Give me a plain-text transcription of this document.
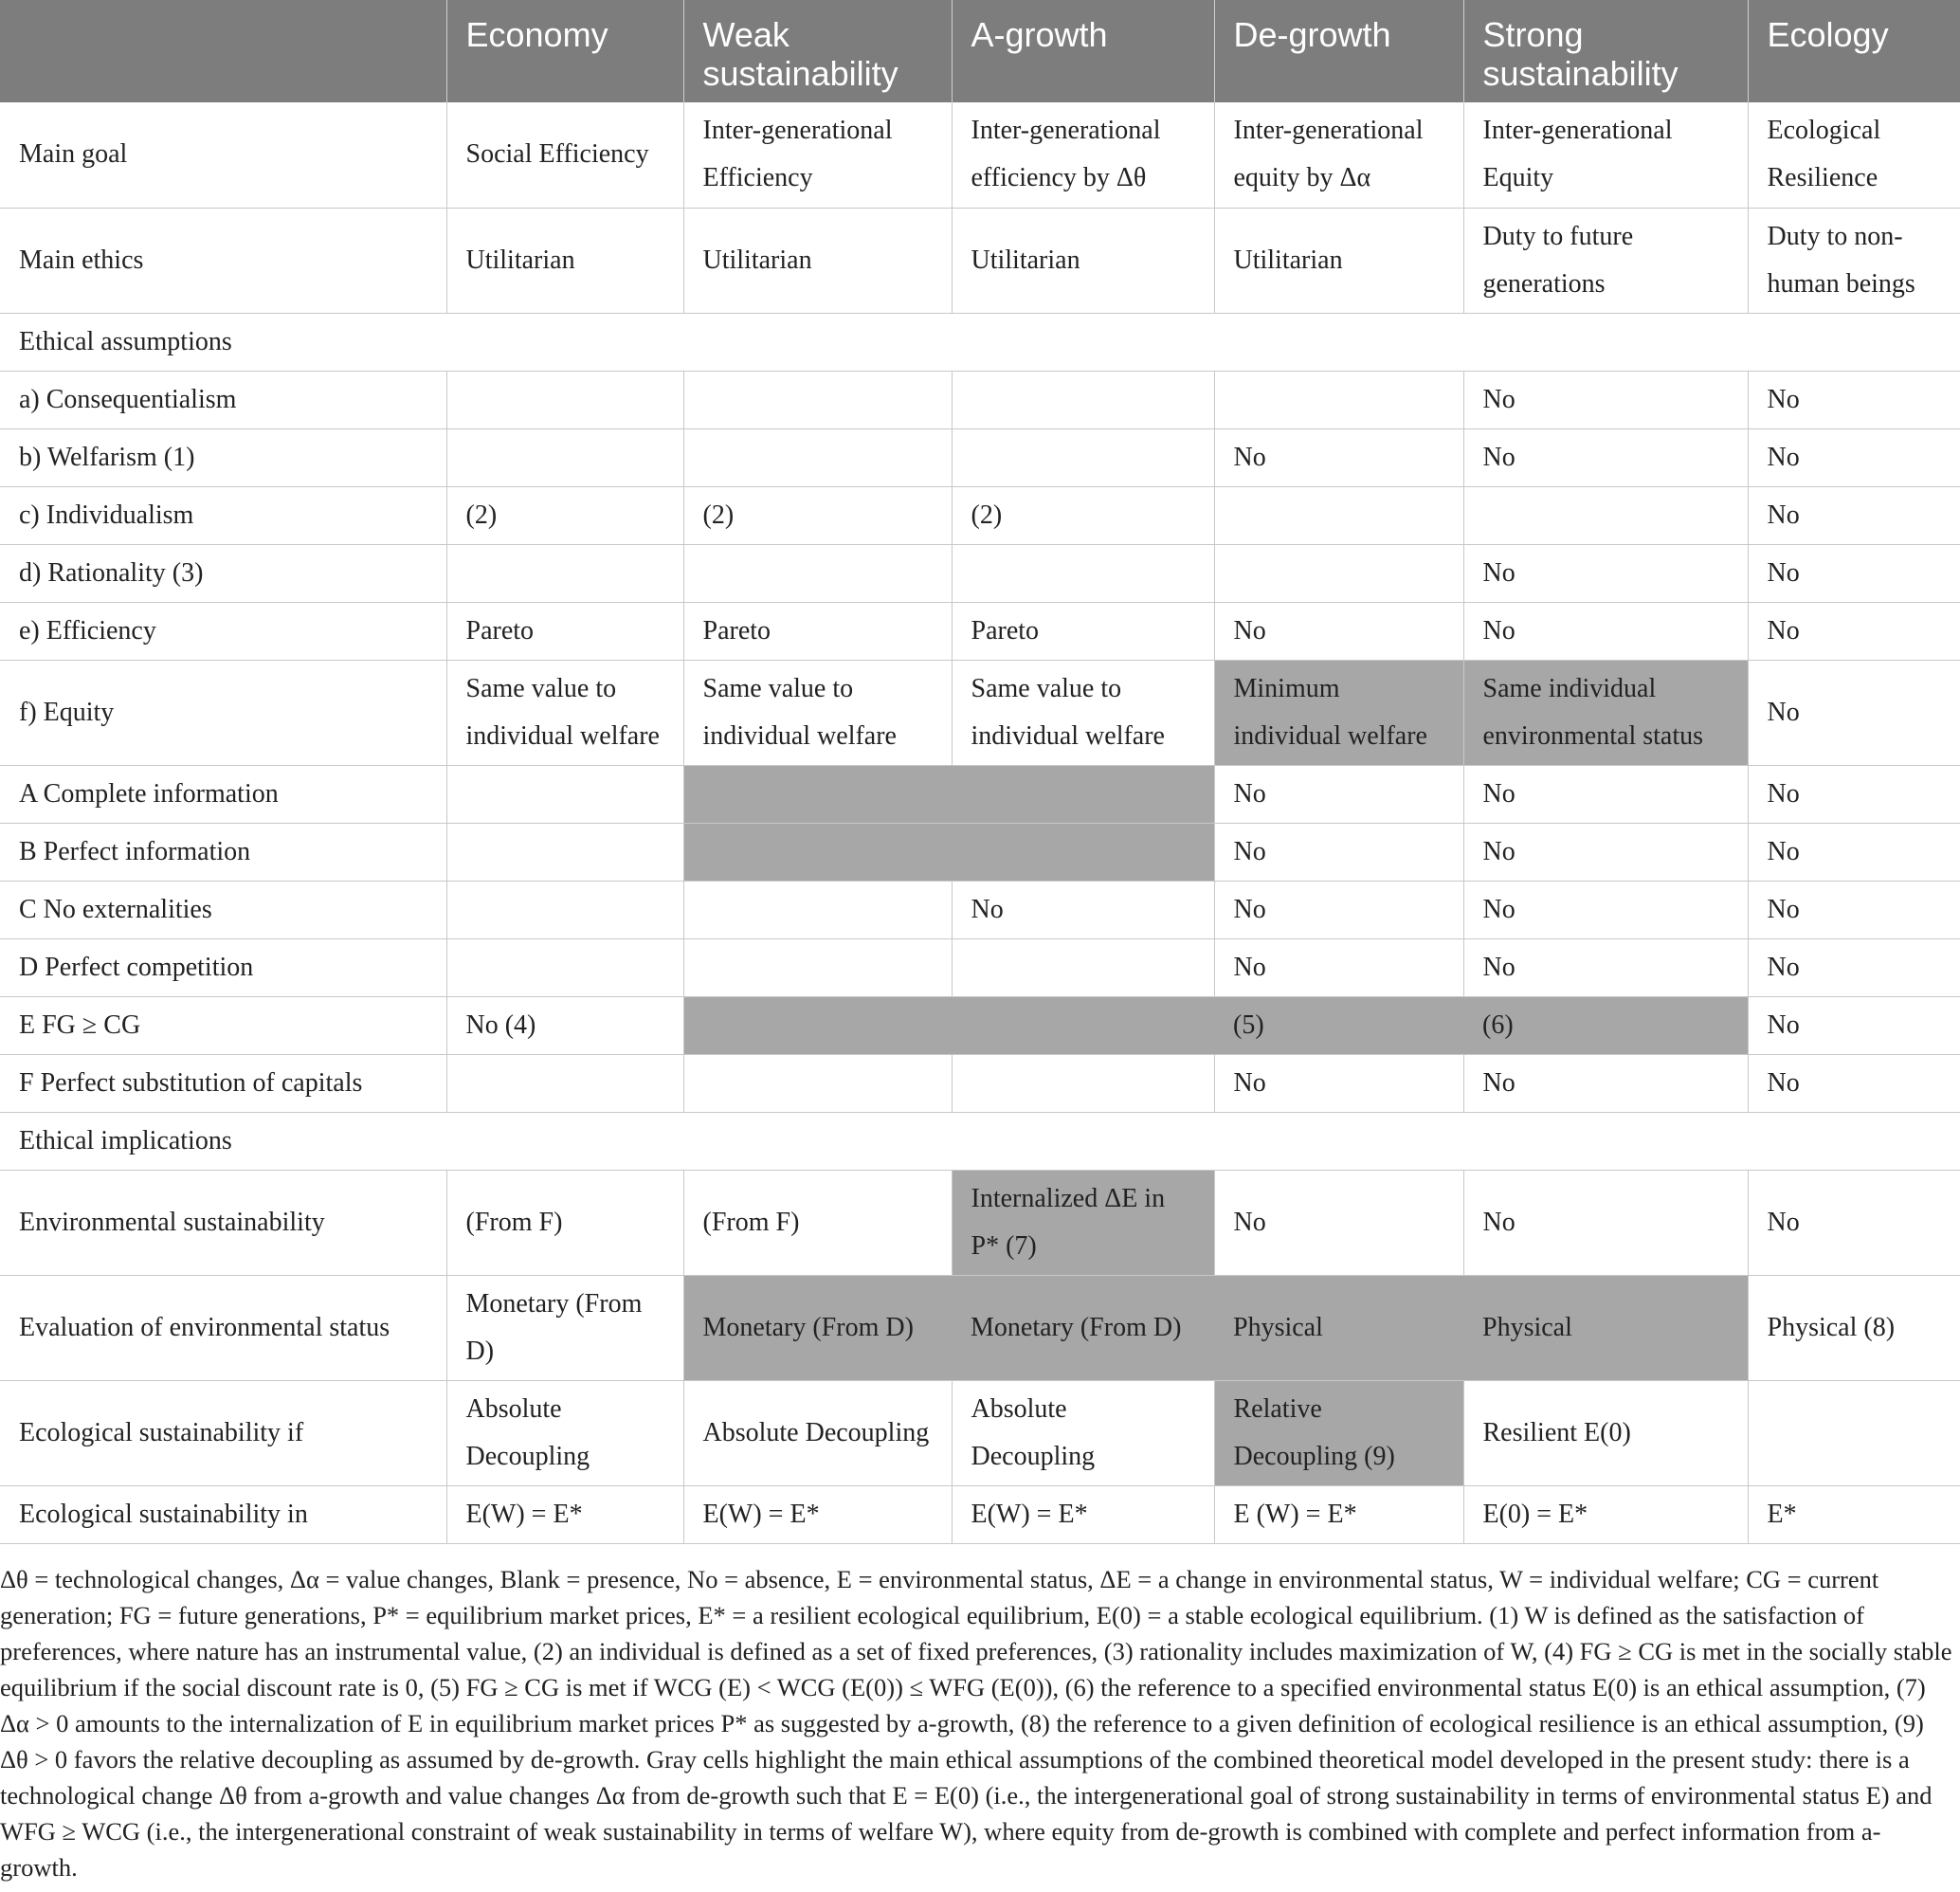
	Economy	Weak sustainability	A-growth	De-growth	Strong sustainability	Ecology
Main goal	Social Efficiency	Inter-generational Efficiency	Inter-generational efficiency by Δθ	Inter-generational equity by Δα	Inter-generational Equity	Ecological Resilience
Main ethics	Utilitarian	Utilitarian	Utilitarian	Utilitarian	Duty to future generations	Duty to non-human beings
Ethical assumptions						
a) Consequentialism					No	No
b) Welfarism (1)				No	No	No
c) Individualism	(2)	(2)	(2)			No
d) Rationality (3)					No	No
e) Efficiency	Pareto	Pareto	Pareto	No	No	No
f) Equity	Same value to individual welfare	Same value to individual welfare	Same value to individual welfare	Minimum individual welfare	Same individual environmental status	No
A Complete information				No	No	No
B Perfect information				No	No	No
C No externalities			No	No	No	No
D Perfect competition				No	No	No
E FG ≥ CG	No (4)			(5)	(6)	No
F Perfect substitution of capitals				No	No	No
Ethical implications						
Environmental sustainability	(From F)	(From F)	Internalized ΔE in P* (7)	No	No	No
Evaluation of environmental status	Monetary (From D)	Monetary (From D)	Monetary (From D)	Physical	Physical	Physical (8)
Ecological sustainability if	Absolute Decoupling	Absolute Decoupling	Absolute Decoupling	Relative Decoupling (9)	Resilient E(0)	
Ecological sustainability in	E(W) = E*	E(W) = E*	E(W) = E*	E (W) = E*	E(0) = E*	E*

Δθ = technological changes, Δα = value changes, Blank = presence, No = absence, E = environmental status, ΔE = a change in environmental status, W = individual welfare; CG = current generation; FG = future generations, P* = equilibrium market prices, E* = a resilient ecological equilibrium, E(0) = a stable ecological equilibrium. (1) W is defined as the satisfaction of preferences, where nature has an instrumental value, (2) an individual is defined as a set of fixed preferences, (3) rationality includes maximization of W, (4) FG ≥ CG is met in the socially stable equilibrium if the social discount rate is 0, (5) FG ≥ CG is met if WCG (E) < WCG (E(0)) ≤ WFG (E(0)), (6) the reference to a specified environmental status E(0) is an ethical assumption, (7) Δα > 0 amounts to the internalization of E in equilibrium market prices P* as suggested by a-growth, (8) the reference to a given definition of ecological resilience is an ethical assumption, (9) Δθ > 0 favors the relative decoupling as assumed by de-growth. Gray cells highlight the main ethical assumptions of the combined theoretical model developed in the present study: there is a technological change Δθ from a-growth and value changes Δα from de-growth such that E = E(0) (i.e., the intergenerational goal of strong sustainability in terms of environmental status E) and WFG ≥ WCG (i.e., the intergenerational constraint of weak sustainability in terms of welfare W), where equity from de-growth is combined with complete and perfect information from a-growth.
